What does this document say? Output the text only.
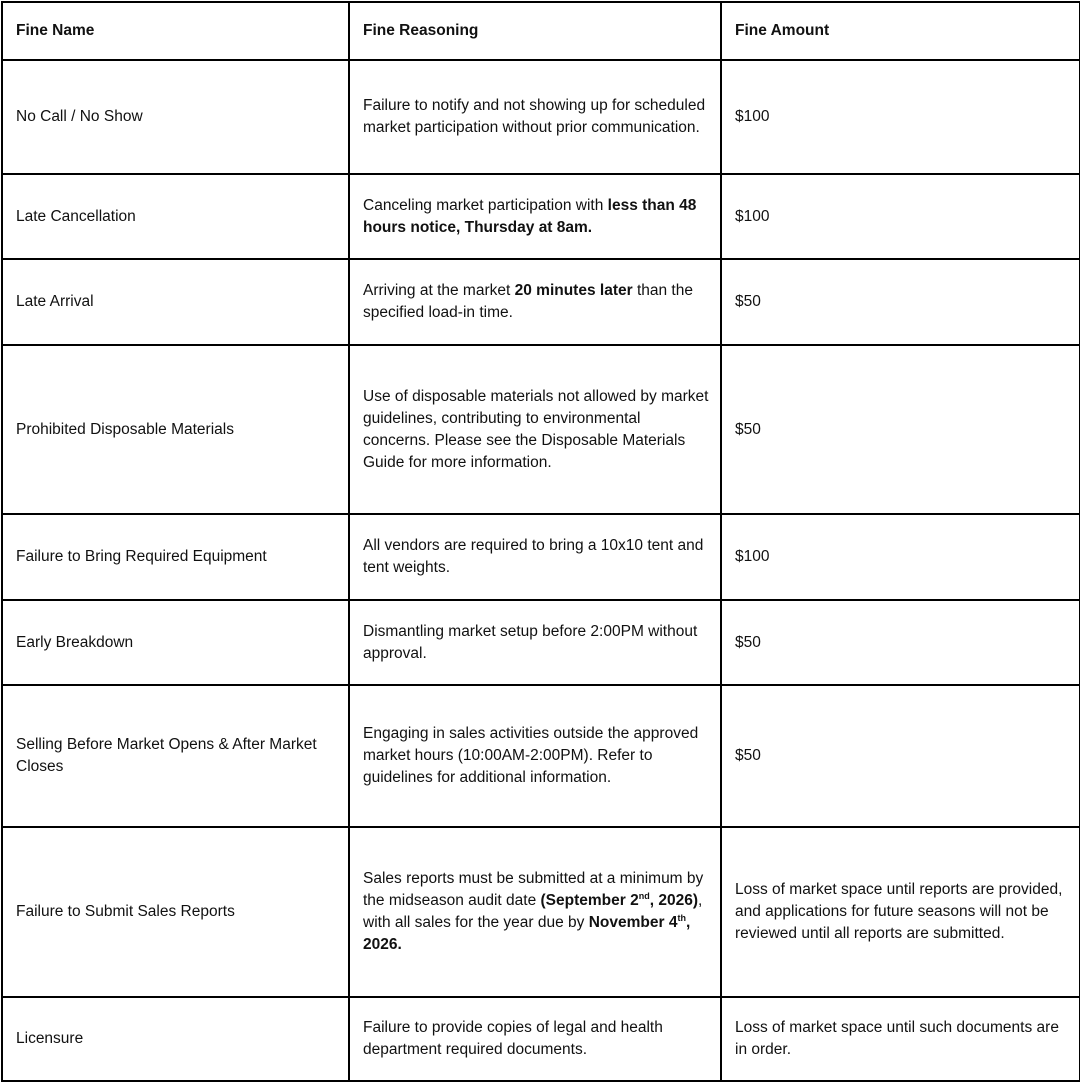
Fine Name	Fine Reasoning	Fine Amount
No Call / No Show	Failure to notify and not showing up for scheduled market participation without prior communication.	$100
Late Cancellation	Canceling market participation with less than 48 hours notice, Thursday at 8am.	$100
Late Arrival	Arriving at the market 20 minutes later than the specified load-in time.	$50
Prohibited Disposable Materials	Use of disposable materials not allowed by market guidelines, contributing to environmental concerns. Please see the Disposable Materials Guide for more information.	$50
Failure to Bring Required Equipment	All vendors are required to bring a 10x10 tent and tent weights.	$100
Early Breakdown	Dismantling market setup before 2:00PM without approval.	$50
Selling Before Market Opens & After Market Closes	Engaging in sales activities outside the approved market hours (10:00AM-2:00PM). Refer to guidelines for additional information.	$50
Failure to Submit Sales Reports	Sales reports must be submitted at a minimum by the midseason audit date (September 2nd, 2026), with all sales for the year due by November 4th, 2026.	Loss of market space until reports are provided, and applications for future seasons will not be reviewed until all reports are submitted.
Licensure	Failure to provide copies of legal and health department required documents.	Loss of market space until such documents are in order.
